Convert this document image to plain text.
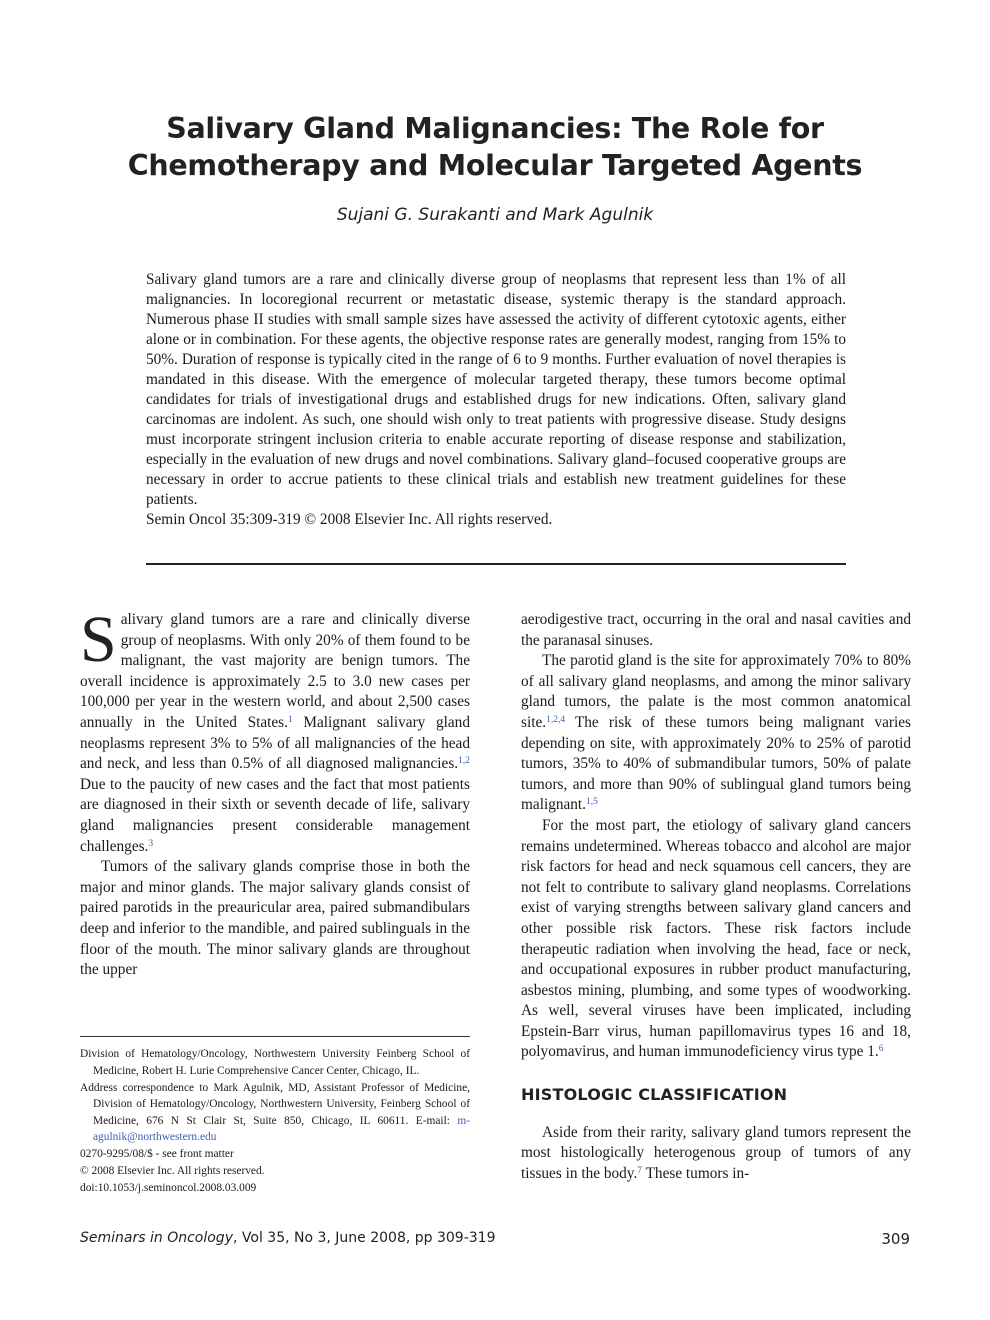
Salivary Gland Malignancies: The Role for
Chemotherapy and Molecular Targeted Agents
Sujani G. Surakanti and Mark Agulnik

Salivary gland tumors are a rare and clinically diverse group of neoplasms that represent less than 1% of all malignancies. In locoregional recurrent or metastatic disease, systemic therapy is the standard approach. Numerous phase II studies with small sample sizes have assessed the activity of different cytotoxic agents, either alone or in combination. For these agents, the objective response rates are generally modest, ranging from 15% to 50%. Duration of response is typically cited in the range of 6 to 9 months. Further evaluation of novel therapies is mandated in this disease. With the emergence of molecular targeted therapy, these tumors become optimal candidates for trials of investigational drugs and established drugs for new indications. Often, salivary gland carcinomas are indolent. As such, one should wish only to treat patients with progressive disease. Study designs must incorporate stringent inclusion criteria to enable accurate reporting of disease response and stabilization, especially in the evaluation of new drugs and novel combinations. Salivary gland–focused cooperative groups are necessary in order to accrue patients to these clinical trials and establish new treatment guidelines for these patients.

Semin Oncol 35:309-319 © 2008 Elsevier Inc. All rights reserved.

Salivary gland tumors are a rare and clinically diverse group of neoplasms. With only 20% of them found to be malignant, the vast majority are benign tumors. The overall incidence is approximately 2.5 to 3.0 new cases per 100,000 per year in the western world, and about 2,500 cases annually in the United States.$^1$ Malignant salivary gland neoplasms represent 3% to 5% of all malignancies of the head and neck, and less than 0.5% of all diagnosed malignancies.$^{1,2}$ Due to the paucity of new cases and the fact that most patients are diagnosed in their sixth or seventh decade of life, salivary gland malignancies present considerable management challenges.$^3$

Tumors of the salivary glands comprise those in both the major and minor glands. The major salivary glands consist of paired parotids in the preauricular area, paired submandibulars deep and inferior to the mandible, and paired sublinguals in the floor of the mouth. The minor salivary glands are throughout the upper

Division of Hematology/Oncology, Northwestern University Feinberg School of Medicine, Robert H. Lurie Comprehensive Cancer Center, Chicago, IL.

Address correspondence to Mark Agulnik, MD, Assistant Professor of Medicine, Division of Hematology/Oncology, Northwestern University, Feinberg School of Medicine, 676 N St Clair St, Suite 850, Chicago, IL 60611. E-mail: m-agulnik@northwestern.edu

0270-9295/08/$ - see front matter

© 2008 Elsevier Inc. All rights reserved.

doi:10.1053/j.seminoncol.2008.03.009

aerodigestive tract, occurring in the oral and nasal cavities and the paranasal sinuses.

The parotid gland is the site for approximately 70% to 80% of all salivary gland neoplasms, and among the minor salivary gland tumors, the palate is the most common anatomical site.$^{1,2,4}$ The risk of these tumors being malignant varies depending on site, with approximately 20% to 25% of parotid tumors, 35% to 40% of submandibular tumors, 50% of palate tumors, and more than 90% of sublingual gland tumors being malignant.$^{1,5}$

For the most part, the etiology of salivary gland cancers remains undetermined. Whereas tobacco and alcohol are major risk factors for head and neck squamous cell cancers, they are not felt to contribute to salivary gland neoplasms. Correlations exist of varying strengths between salivary gland cancers and other possible risk factors. These risk factors include therapeutic radiation when involving the head, face or neck, and occupational exposures in rubber product manufacturing, asbestos mining, plumbing, and some types of woodworking. As well, several viruses have been implicated, including Epstein-Barr virus, human papillomavirus types 16 and 18, polyomavirus, and human immunodeficiency virus type 1.$^6$

HISTOLOGIC CLASSIFICATION

Aside from their rarity, salivary gland tumors represent the most histologically heterogenous group of tumors of any tissues in the body.$^7$ These tumors in-

Seminars in Oncology, Vol 35, No 3, June 2008, pp 309-319	309
